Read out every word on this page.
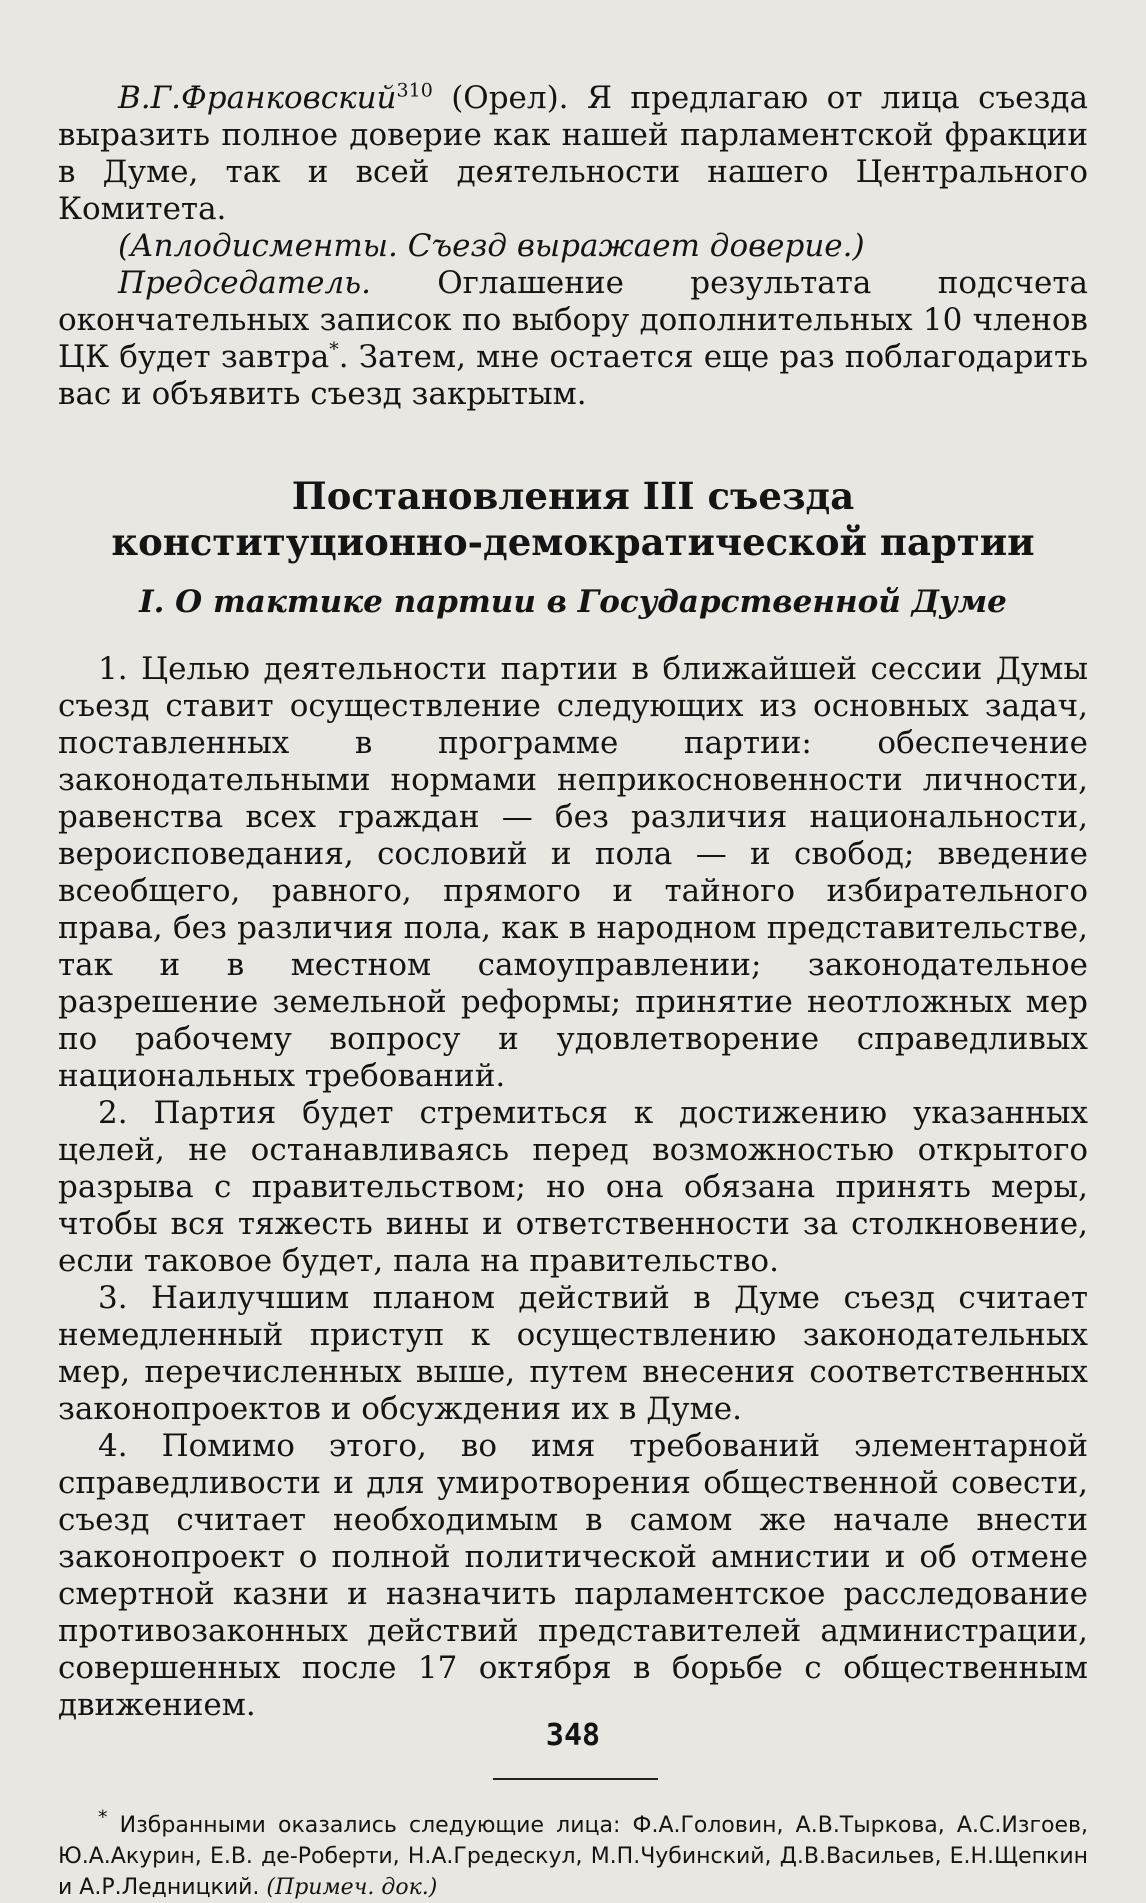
В.Г.Франковский$^{310}$ (Орел). Я предлагаю от лица съезда выразить полное доверие как нашей парламентской фракции в Думе, так и всей деятельности нашего Центрального Комитета.

(Аплодисменты. Съезд выражает доверие.)

Председатель. Оглашение результата подсчета окончательных записок по выбору дополнительных 10 членов ЦК будет завтра*. Затем, мне остается еще раз поблагодарить вас и объявить съезд закрытым.

Постановления III съезда
конституционно-демократической партии
I. О тактике партии в Государственной Думе

1. Целью деятельности партии в ближайшей сессии Думы съезд ставит осуществление следующих из основных задач, поставленных в программе партии: обеспечение законодательными нормами неприкосновенности личности, равенства всех граждан — без различия национальности, вероисповедания, сословий и пола — и свобод; введение всеобщего, равного, прямого и тайного избирательного права, без различия пола, как в народном представительстве, так и в местном самоуправлении; законодательное разрешение земельной реформы; принятие неотложных мер по рабочему вопросу и удовлетворение справедливых национальных требований.

2. Партия будет стремиться к достижению указанных целей, не останавливаясь перед возможностью открытого разрыва с правительством; но она обязана принять меры, чтобы вся тяжесть вины и ответственности за столкновение, если таковое будет, пала на правительство.

3. Наилучшим планом действий в Думе съезд считает немедленный приступ к осуществлению законодательных мер, перечисленных выше, путем внесения соответственных законопроектов и обсуждения их в Думе.

4. Помимо этого, во имя требований элементарной справедливости и для умиротворения общественной совести, съезд считает необходимым в самом же начале внести законопроект о полной политической амнистии и об отмене смертной казни и назначить парламентское расследование противозаконных действий представителей администрации, совершенных после 17 октября в борьбе с общественным движением.

* Избранными оказались следующие лица: Ф.А.Головин, А.В.Тыркова, А.С.Изгоев, Ю.А.Акурин, Е.В. де-Роберти, Н.А.Гредескул, М.П.Чубинский, Д.В.Васильев, Е.Н.Щепкин и А.Р.Ледницкий. (Примеч. док.)
348
